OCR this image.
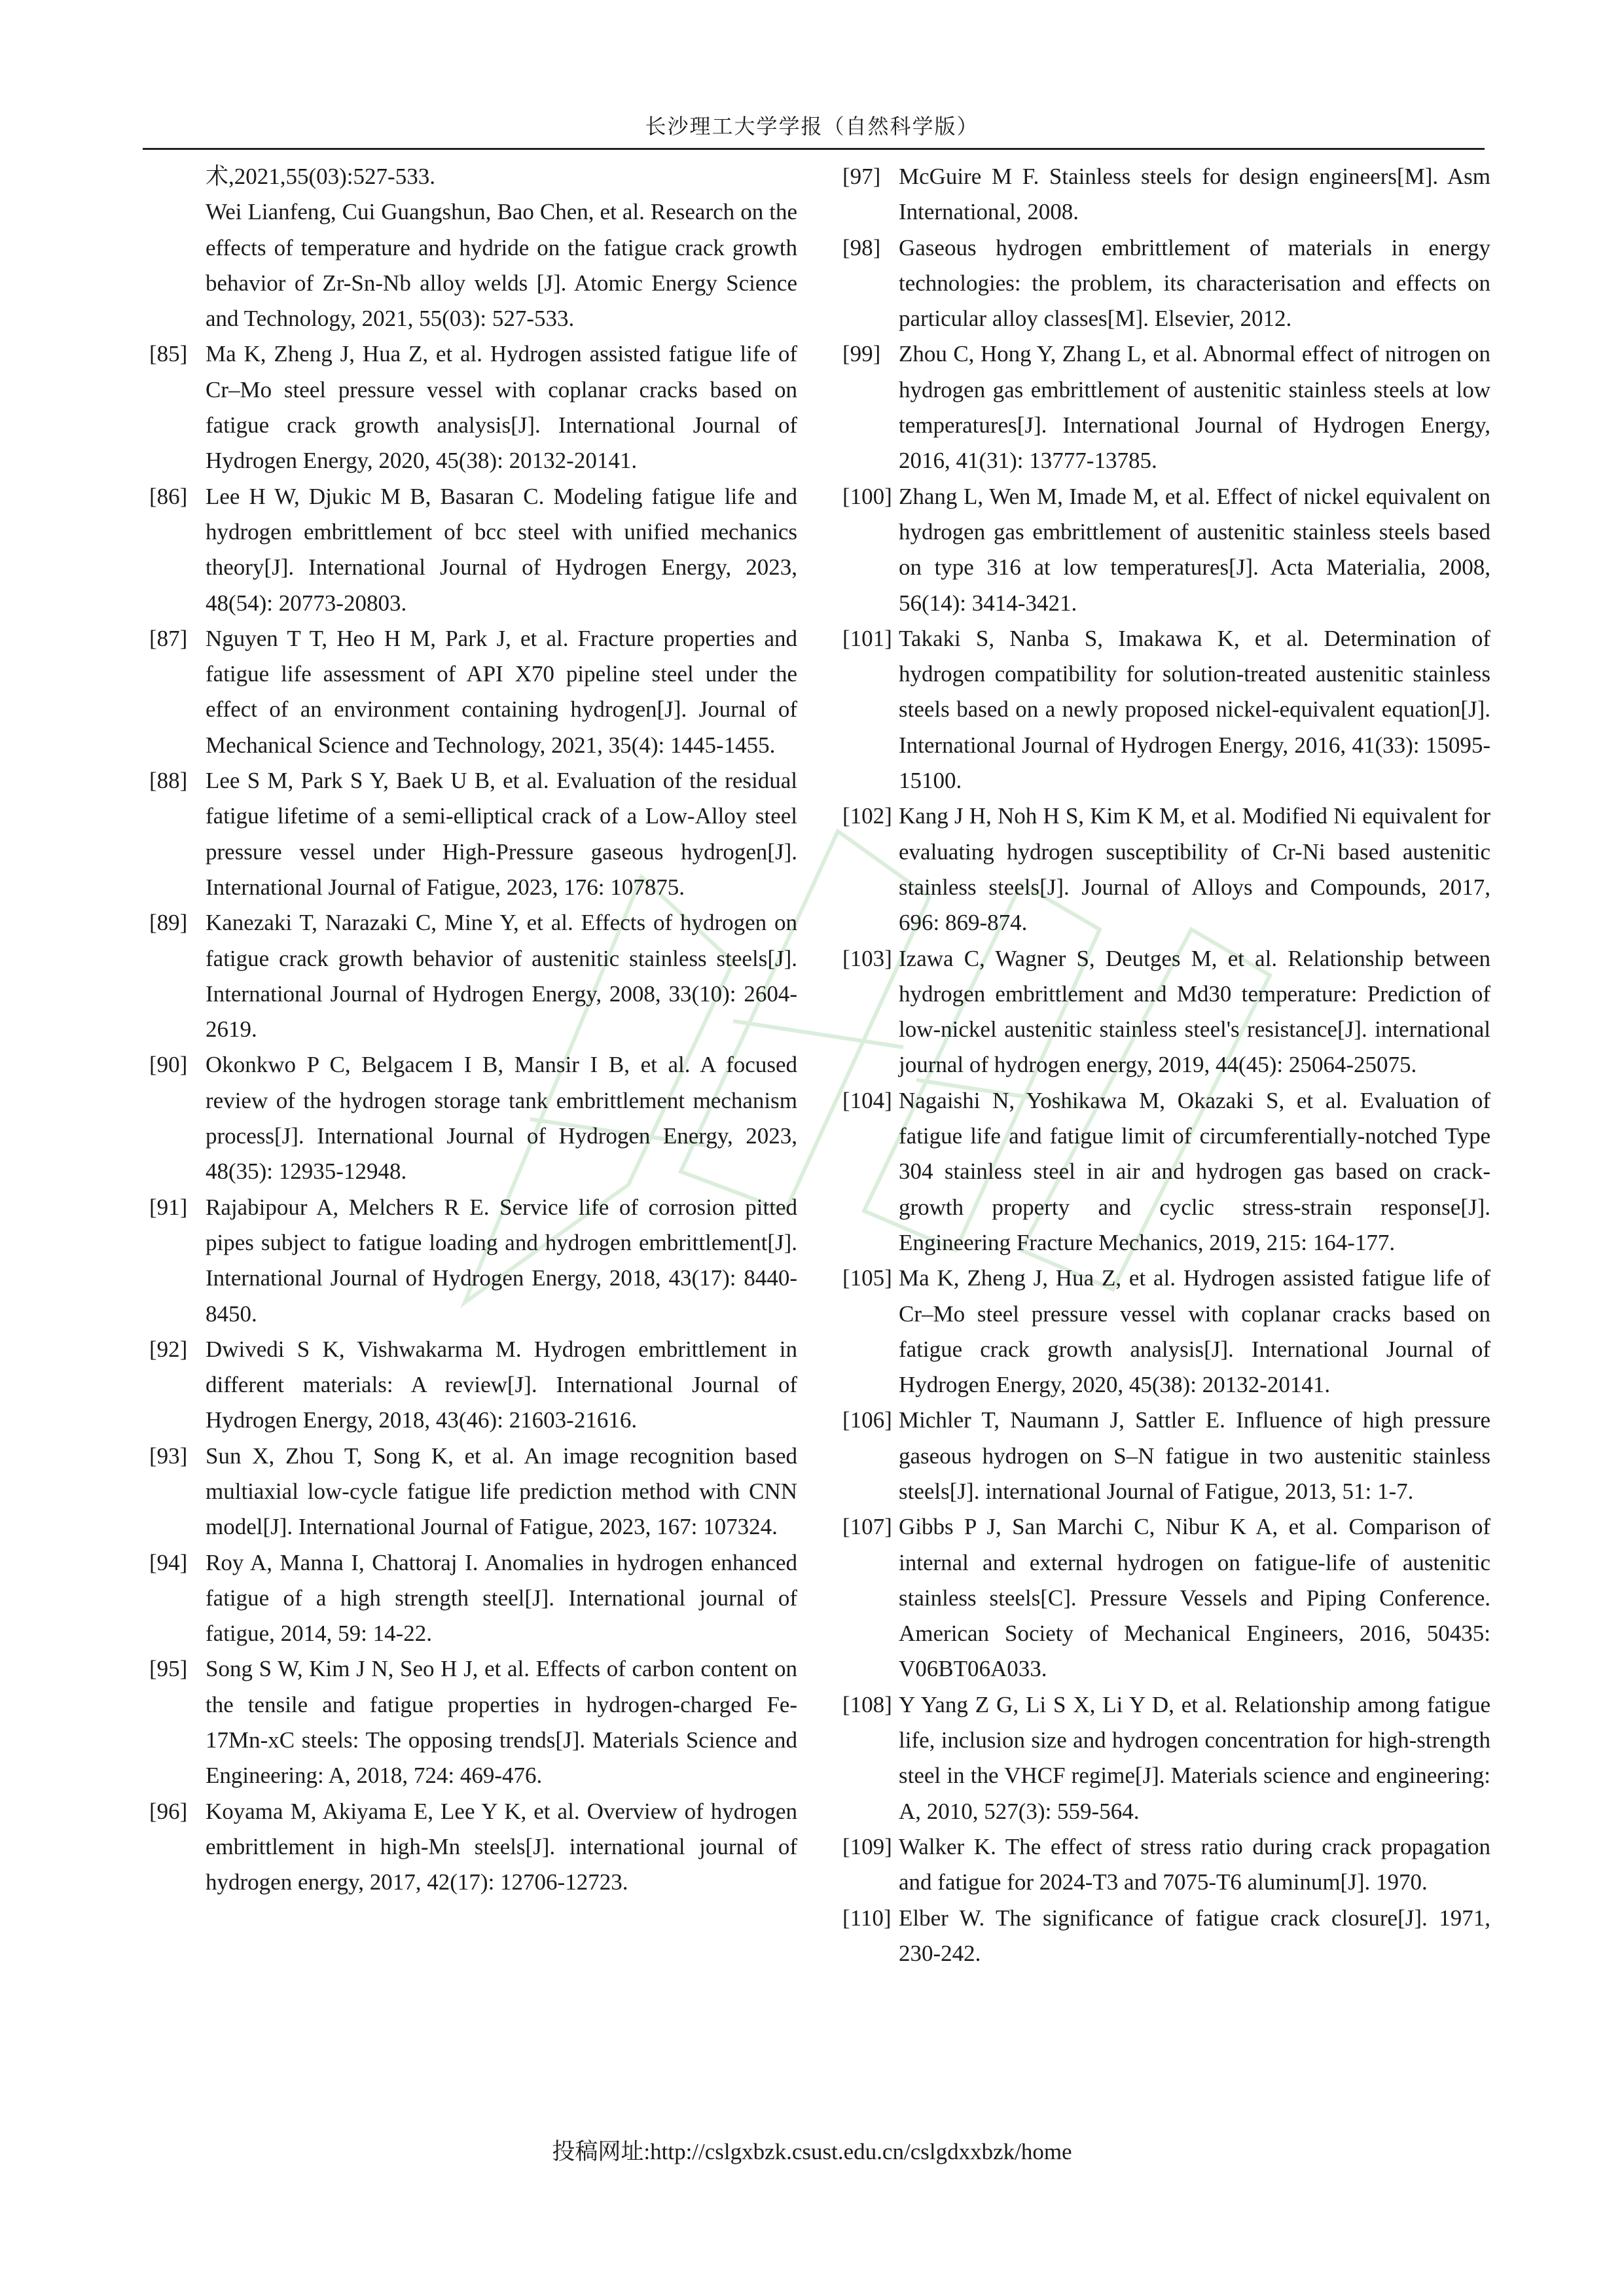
长沙理工大学学报（自然科学版）
术,2021,55(03):527-533.
Wei Lianfeng, Cui Guangshun, Bao Chen, et al. Research on the effects of temperature and hydride on the fatigue crack growth behavior of Zr-Sn-Nb alloy welds [J]. Atomic Energy Science and Technology, 2021, 55(03): 527-533.
[85] Ma K, Zheng J, Hua Z, et al. Hydrogen assisted fatigue life of Cr–Mo steel pressure vessel with coplanar cracks based on fatigue crack growth analysis[J]. International Journal of Hydrogen Energy, 2020, 45(38): 20132-20141.
[86] Lee H W, Djukic M B, Basaran C. Modeling fatigue life and hydrogen embrittlement of bcc steel with unified mechanics theory[J]. International Journal of Hydrogen Energy, 2023, 48(54): 20773-20803.
[87] Nguyen T T, Heo H M, Park J, et al. Fracture properties and fatigue life assessment of API X70 pipeline steel under the effect of an environment containing hydrogen[J]. Journal of Mechanical Science and Technology, 2021, 35(4): 1445-1455.
[88] Lee S M, Park S Y, Baek U B, et al. Evaluation of the residual fatigue lifetime of a semi-elliptical crack of a Low-Alloy steel pressure vessel under High-Pressure gaseous hydrogen[J]. International Journal of Fatigue, 2023, 176: 107875.
[89] Kanezaki T, Narazaki C, Mine Y, et al. Effects of hydrogen on fatigue crack growth behavior of austenitic stainless steels[J]. International Journal of Hydrogen Energy, 2008, 33(10): 2604-2619.
[90] Okonkwo P C, Belgacem I B, Mansir I B, et al. A focused review of the hydrogen storage tank embrittlement mechanism process[J]. International Journal of Hydrogen Energy, 2023, 48(35): 12935-12948.
[91] Rajabipour A, Melchers R E. Service life of corrosion pitted pipes subject to fatigue loading and hydrogen embrittlement[J]. International Journal of Hydrogen Energy, 2018, 43(17): 8440-8450.
[92] Dwivedi S K, Vishwakarma M. Hydrogen embrittlement in different materials: A review[J]. International Journal of Hydrogen Energy, 2018, 43(46): 21603-21616.
[93] Sun X, Zhou T, Song K, et al. An image recognition based multiaxial low-cycle fatigue life prediction method with CNN model[J]. International Journal of Fatigue, 2023, 167: 107324.
[94] Roy A, Manna I, Chattoraj I. Anomalies in hydrogen enhanced fatigue of a high strength steel[J]. International journal of fatigue, 2014, 59: 14-22.
[95] Song S W, Kim J N, Seo H J, et al. Effects of carbon content on the tensile and fatigue properties in hydrogen-charged Fe-17Mn-xC steels: The opposing trends[J]. Materials Science and Engineering: A, 2018, 724: 469-476.
[96] Koyama M, Akiyama E, Lee Y K, et al. Overview of hydrogen embrittlement in high-Mn steels[J]. international journal of hydrogen energy, 2017, 42(17): 12706-12723.
[97] McGuire M F. Stainless steels for design engineers[M]. Asm International, 2008.
[98] Gaseous hydrogen embrittlement of materials in energy technologies: the problem, its characterisation and effects on particular alloy classes[M]. Elsevier, 2012.
[99] Zhou C, Hong Y, Zhang L, et al. Abnormal effect of nitrogen on hydrogen gas embrittlement of austenitic stainless steels at low temperatures[J]. International Journal of Hydrogen Energy, 2016, 41(31): 13777-13785.
[100] Zhang L, Wen M, Imade M, et al. Effect of nickel equivalent on hydrogen gas embrittlement of austenitic stainless steels based on type 316 at low temperatures[J]. Acta Materialia, 2008, 56(14): 3414-3421.
[101] Takaki S, Nanba S, Imakawa K, et al. Determination of hydrogen compatibility for solution-treated austenitic stainless steels based on a newly proposed nickel-equivalent equation[J]. International Journal of Hydrogen Energy, 2016, 41(33): 15095-15100.
[102] Kang J H, Noh H S, Kim K M, et al. Modified Ni equivalent for evaluating hydrogen susceptibility of Cr-Ni based austenitic stainless steels[J]. Journal of Alloys and Compounds, 2017, 696: 869-874.
[103] Izawa C, Wagner S, Deutges M, et al. Relationship between hydrogen embrittlement and Md30 temperature: Prediction of low-nickel austenitic stainless steel's resistance[J]. international journal of hydrogen energy, 2019, 44(45): 25064-25075.
[104] Nagaishi N, Yoshikawa M, Okazaki S, et al. Evaluation of fatigue life and fatigue limit of circumferentially-notched Type 304 stainless steel in air and hydrogen gas based on crack-growth property and cyclic stress-strain response[J]. Engineering Fracture Mechanics, 2019, 215: 164-177.
[105] Ma K, Zheng J, Hua Z, et al. Hydrogen assisted fatigue life of Cr–Mo steel pressure vessel with coplanar cracks based on fatigue crack growth analysis[J]. International Journal of Hydrogen Energy, 2020, 45(38): 20132-20141.
[106] Michler T, Naumann J, Sattler E. Influence of high pressure gaseous hydrogen on S–N fatigue in two austenitic stainless steels[J]. international Journal of Fatigue, 2013, 51: 1-7.
[107] Gibbs P J, San Marchi C, Nibur K A, et al. Comparison of internal and external hydrogen on fatigue-life of austenitic stainless steels[C]. Pressure Vessels and Piping Conference. American Society of Mechanical Engineers, 2016, 50435: V06BT06A033.
[108] Y Yang Z G, Li S X, Li Y D, et al. Relationship among fatigue life, inclusion size and hydrogen concentration for high-strength steel in the VHCF regime[J]. Materials science and engineering: A, 2010, 527(3): 559-564.
[109] Walker K. The effect of stress ratio during crack propagation and fatigue for 2024-T3 and 7075-T6 aluminum[J]. 1970.
[110] Elber W. The significance of fatigue crack closure[J]. 1971, 230-242.
投稿网址:http://cslgxbzk.csust.edu.cn/cslgdxxbzk/home
